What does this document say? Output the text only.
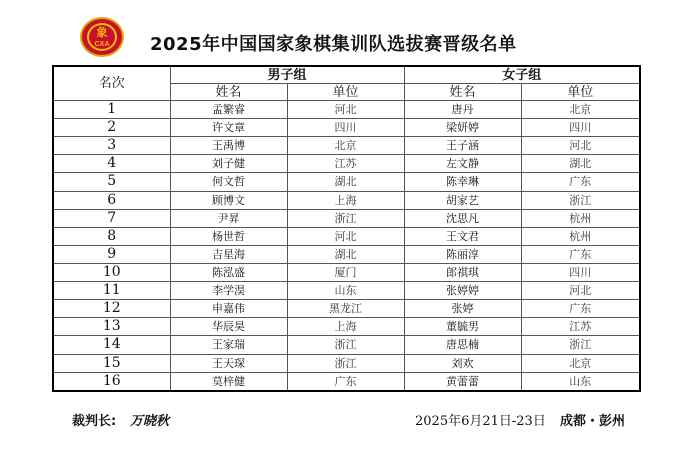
象
CXA	2025年中国国家象棋集训队选拔赛晋级名单
名次	男子组		女子组	
	姓名	单位	姓名	单位
1	孟繁睿	河北	唐丹	北京
2	许文章	四川	梁妍婷	四川
3	王禹博	北京	王子涵	河北
4	刘子健	江苏	左文静	湖北
5	何文哲	湖北	陈幸琳	广东
6	顾博文	上海	胡家艺	浙江
7	尹昇	浙江	沈思凡	杭州
8	杨世哲	河北	王文君	杭州
9	吉星海	湖北	陈丽淳	广东
10	陈泓盛	厦门	郎祺琪	四川
11	李学淏	山东	张婷婷	河北
12	申嘉伟	黑龙江	张婷	广东
13	华辰昊	上海	董毓男	江苏
14	王家瑞	浙江	唐思楠	浙江
15	王天琛	浙江	刘欢	北京
16	莫梓健	广东	黄蕾蕾	山东
裁判长: 万晓秋	2025年6月21日-23日 成都・彭州
